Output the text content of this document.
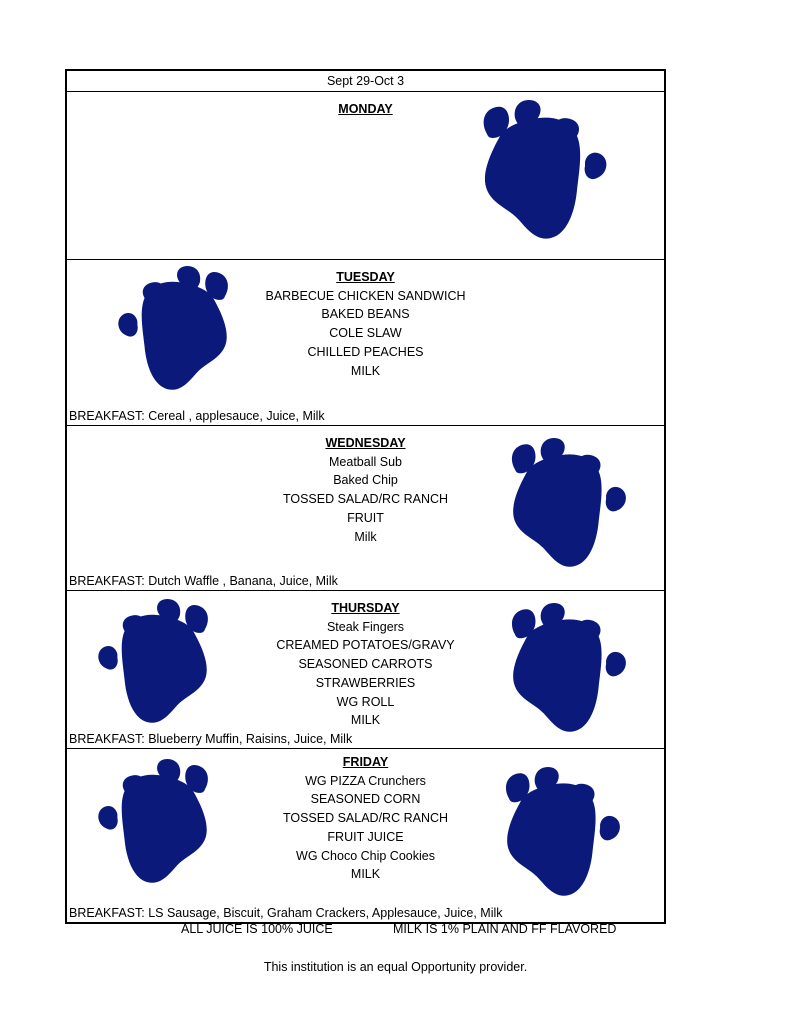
Sept 29-Oct 3
MONDAY
TUESDAY
BARBECUE CHICKEN SANDWICH
BAKED BEANS
COLE SLAW
CHILLED PEACHES
MILK
BREAKFAST: Cereal , applesauce, Juice, Milk
WEDNESDAY
Meatball Sub
Baked Chip
TOSSED SALAD/RC RANCH
FRUIT
Milk
BREAKFAST: Dutch Waffle , Banana, Juice, Milk
THURSDAY
Steak Fingers
CREAMED POTATOES/GRAVY
SEASONED CARROTS
STRAWBERRIES
WG ROLL
MILK
BREAKFAST: Blueberry Muffin, Raisins, Juice, Milk
FRIDAY
WG PIZZA Crunchers
SEASONED CORN
TOSSED SALAD/RC RANCH
FRUIT JUICE
WG Choco Chip Cookies
MILK
BREAKFAST: LS Sausage, Biscuit, Graham Crackers, Applesauce, Juice, Milk
ALL JUICE IS 100% JUICE	MILK IS 1% PLAIN AND FF FLAVORED
This institution is an equal Opportunity provider.
